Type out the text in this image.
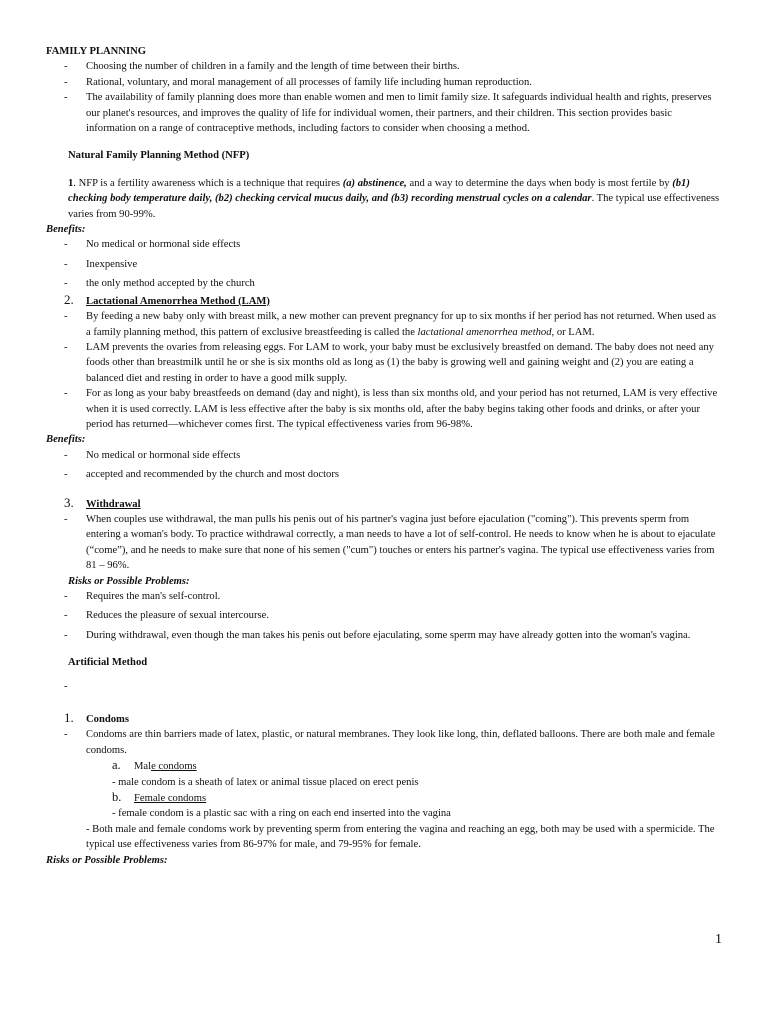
FAMILY PLANNING
-	Choosing the number of children in a family and the length of time between their births.
-	Rational, voluntary, and moral management of all processes of family life including human reproduction.
-	The availability of family planning does more than enable women and men to limit family size. It safeguards individual health and rights, preserves our planet's resources, and improves the quality of life for individual women, their partners, and their children. This section provides basic information on a range of contraceptive methods, including factors to consider when choosing a method.
Natural Family Planning Method (NFP)
1. NFP is a fertility awareness which is a technique that requires (a) abstinence, and a way to determine the days when body is most fertile by (b1) checking body temperature daily, (b2) checking cervical mucus daily, and (b3) recording menstrual cycles on a calendar. The typical use effectiveness varies from 90-99%.
Benefits:
-	No medical or hormonal side effects
-	Inexpensive
-	the only method accepted by the church
2.	Lactational Amenorrhea Method (LAM)
-	By feeding a new baby only with breast milk, a new mother can prevent pregnancy for up to six months if her period has not returned. When used as a family planning method, this pattern of exclusive breastfeeding is called the lactational amenorrhea method, or LAM.
-	LAM prevents the ovaries from releasing eggs. For LAM to work, your baby must be exclusively breastfed on demand. The baby does not need any foods other than breastmilk until he or she is six months old as long as (1) the baby is growing well and gaining weight and (2) you are eating a balanced diet and resting in order to have a good milk supply.
-	For as long as your baby breastfeeds on demand (day and night), is less than six months old, and your period has not returned, LAM is very effective when it is used correctly. LAM is less effective after the baby is six months old, after the baby begins taking other foods and drinks, or after your period has returned—whichever comes first. The typical effectiveness varies from 96-98%.
Benefits:
-	No medical or hormonal side effects
-	accepted and recommended by the church and most doctors
3.	Withdrawal
-	When couples use withdrawal, the man pulls his penis out of his partner's vagina just before ejaculation ("coming"). This prevents sperm from entering a woman's body. To practice withdrawal correctly, a man needs to have a lot of self-control. He needs to know when he is about to ejaculate (“come”), and he needs to make sure that none of his semen ("cum") touches or enters his partner's vagina. The typical use effectiveness varies from 81 – 96%.
Risks or Possible Problems:
-	Requires the man's self-control.
-	Reduces the pleasure of sexual intercourse.
-	During withdrawal, even though the man takes his penis out before ejaculating, some sperm may have already gotten into the woman's vagina.
Artificial Method
-
1.	Condoms
-	Condoms are thin barriers made of latex, plastic, or natural membranes. They look like long, thin, deflated balloons. There are both male and female condoms.
a.	Male condoms
- male condom is a sheath of latex or animal tissue placed on erect penis
b.	Female condoms
- female condom is a plastic sac with a ring on each end inserted into the vagina
- Both male and female condoms work by preventing sperm from entering the vagina and reaching an egg, both may be used with a spermicide. The typical use effectiveness varies from 86-97% for male, and 79-95% for female.
Risks or Possible Problems:
1
